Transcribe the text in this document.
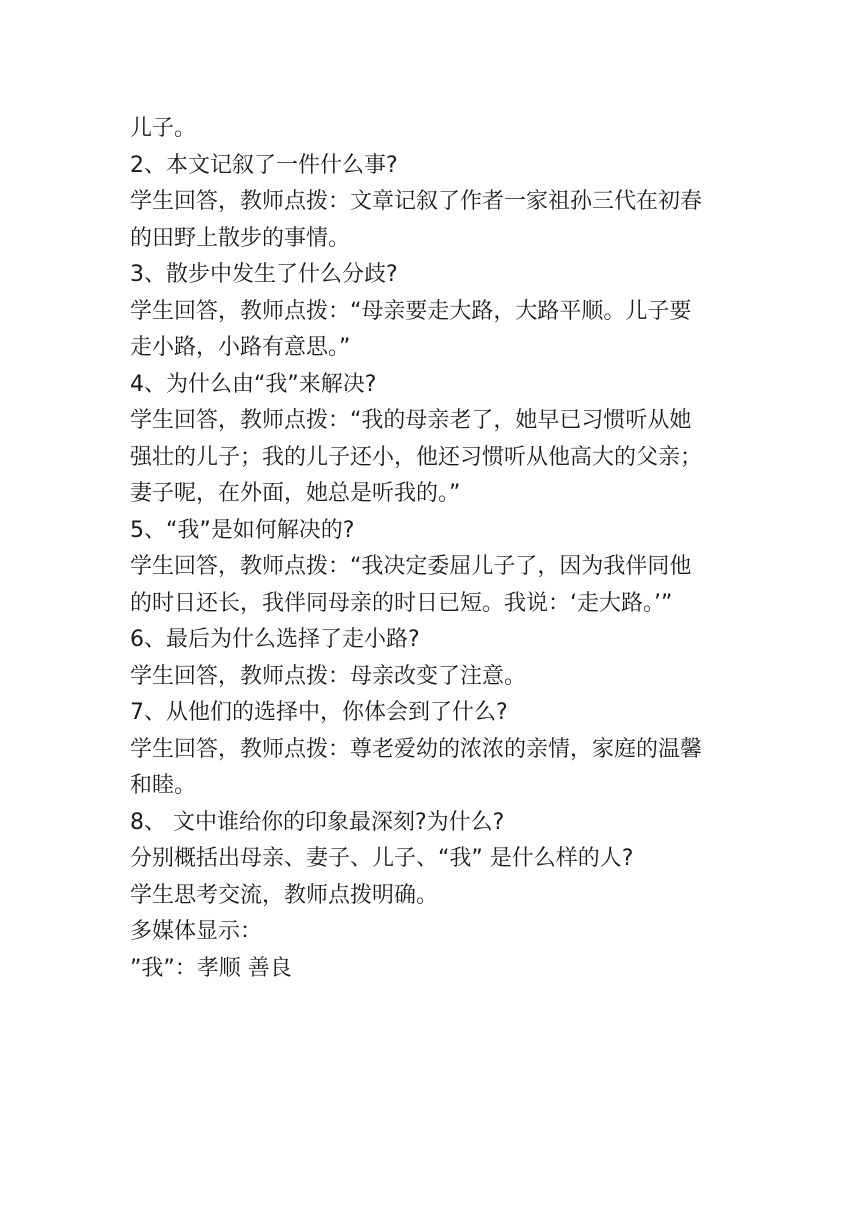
儿子。

2、本文记叙了一件什么事?

学生回答，教师点拨：文章记叙了作者一家祖孙三代在初春

的田野上散步的事情。

3、散步中发生了什么分歧?

学生回答，教师点拨：“母亲要走大路，大路平顺。儿子要

走小路，小路有意思。”

4、为什么由“我”来解决?

学生回答，教师点拨：“我的母亲老了，她早已习惯听从她

强壮的儿子；我的儿子还小，他还习惯听从他高大的父亲；

妻子呢，在外面，她总是听我的。”

5、“我”是如何解决的?

学生回答，教师点拨：“我决定委屈儿子了，因为我伴同他

的时日还长，我伴同母亲的时日已短。我说：‘走大路。’”

6、最后为什么选择了走小路?

学生回答，教师点拨：母亲改变了注意。

7、从他们的选择中，你体会到了什么?

学生回答，教师点拨：尊老爱幼的浓浓的亲情，家庭的温馨

和睦。

8、 文中谁给你的印象最深刻?为什么?

分别概括出母亲、妻子、儿子、“我” 是什么样的人?

学生思考交流，教师点拨明确。

多媒体显示：

”我”：孝顺 善良
